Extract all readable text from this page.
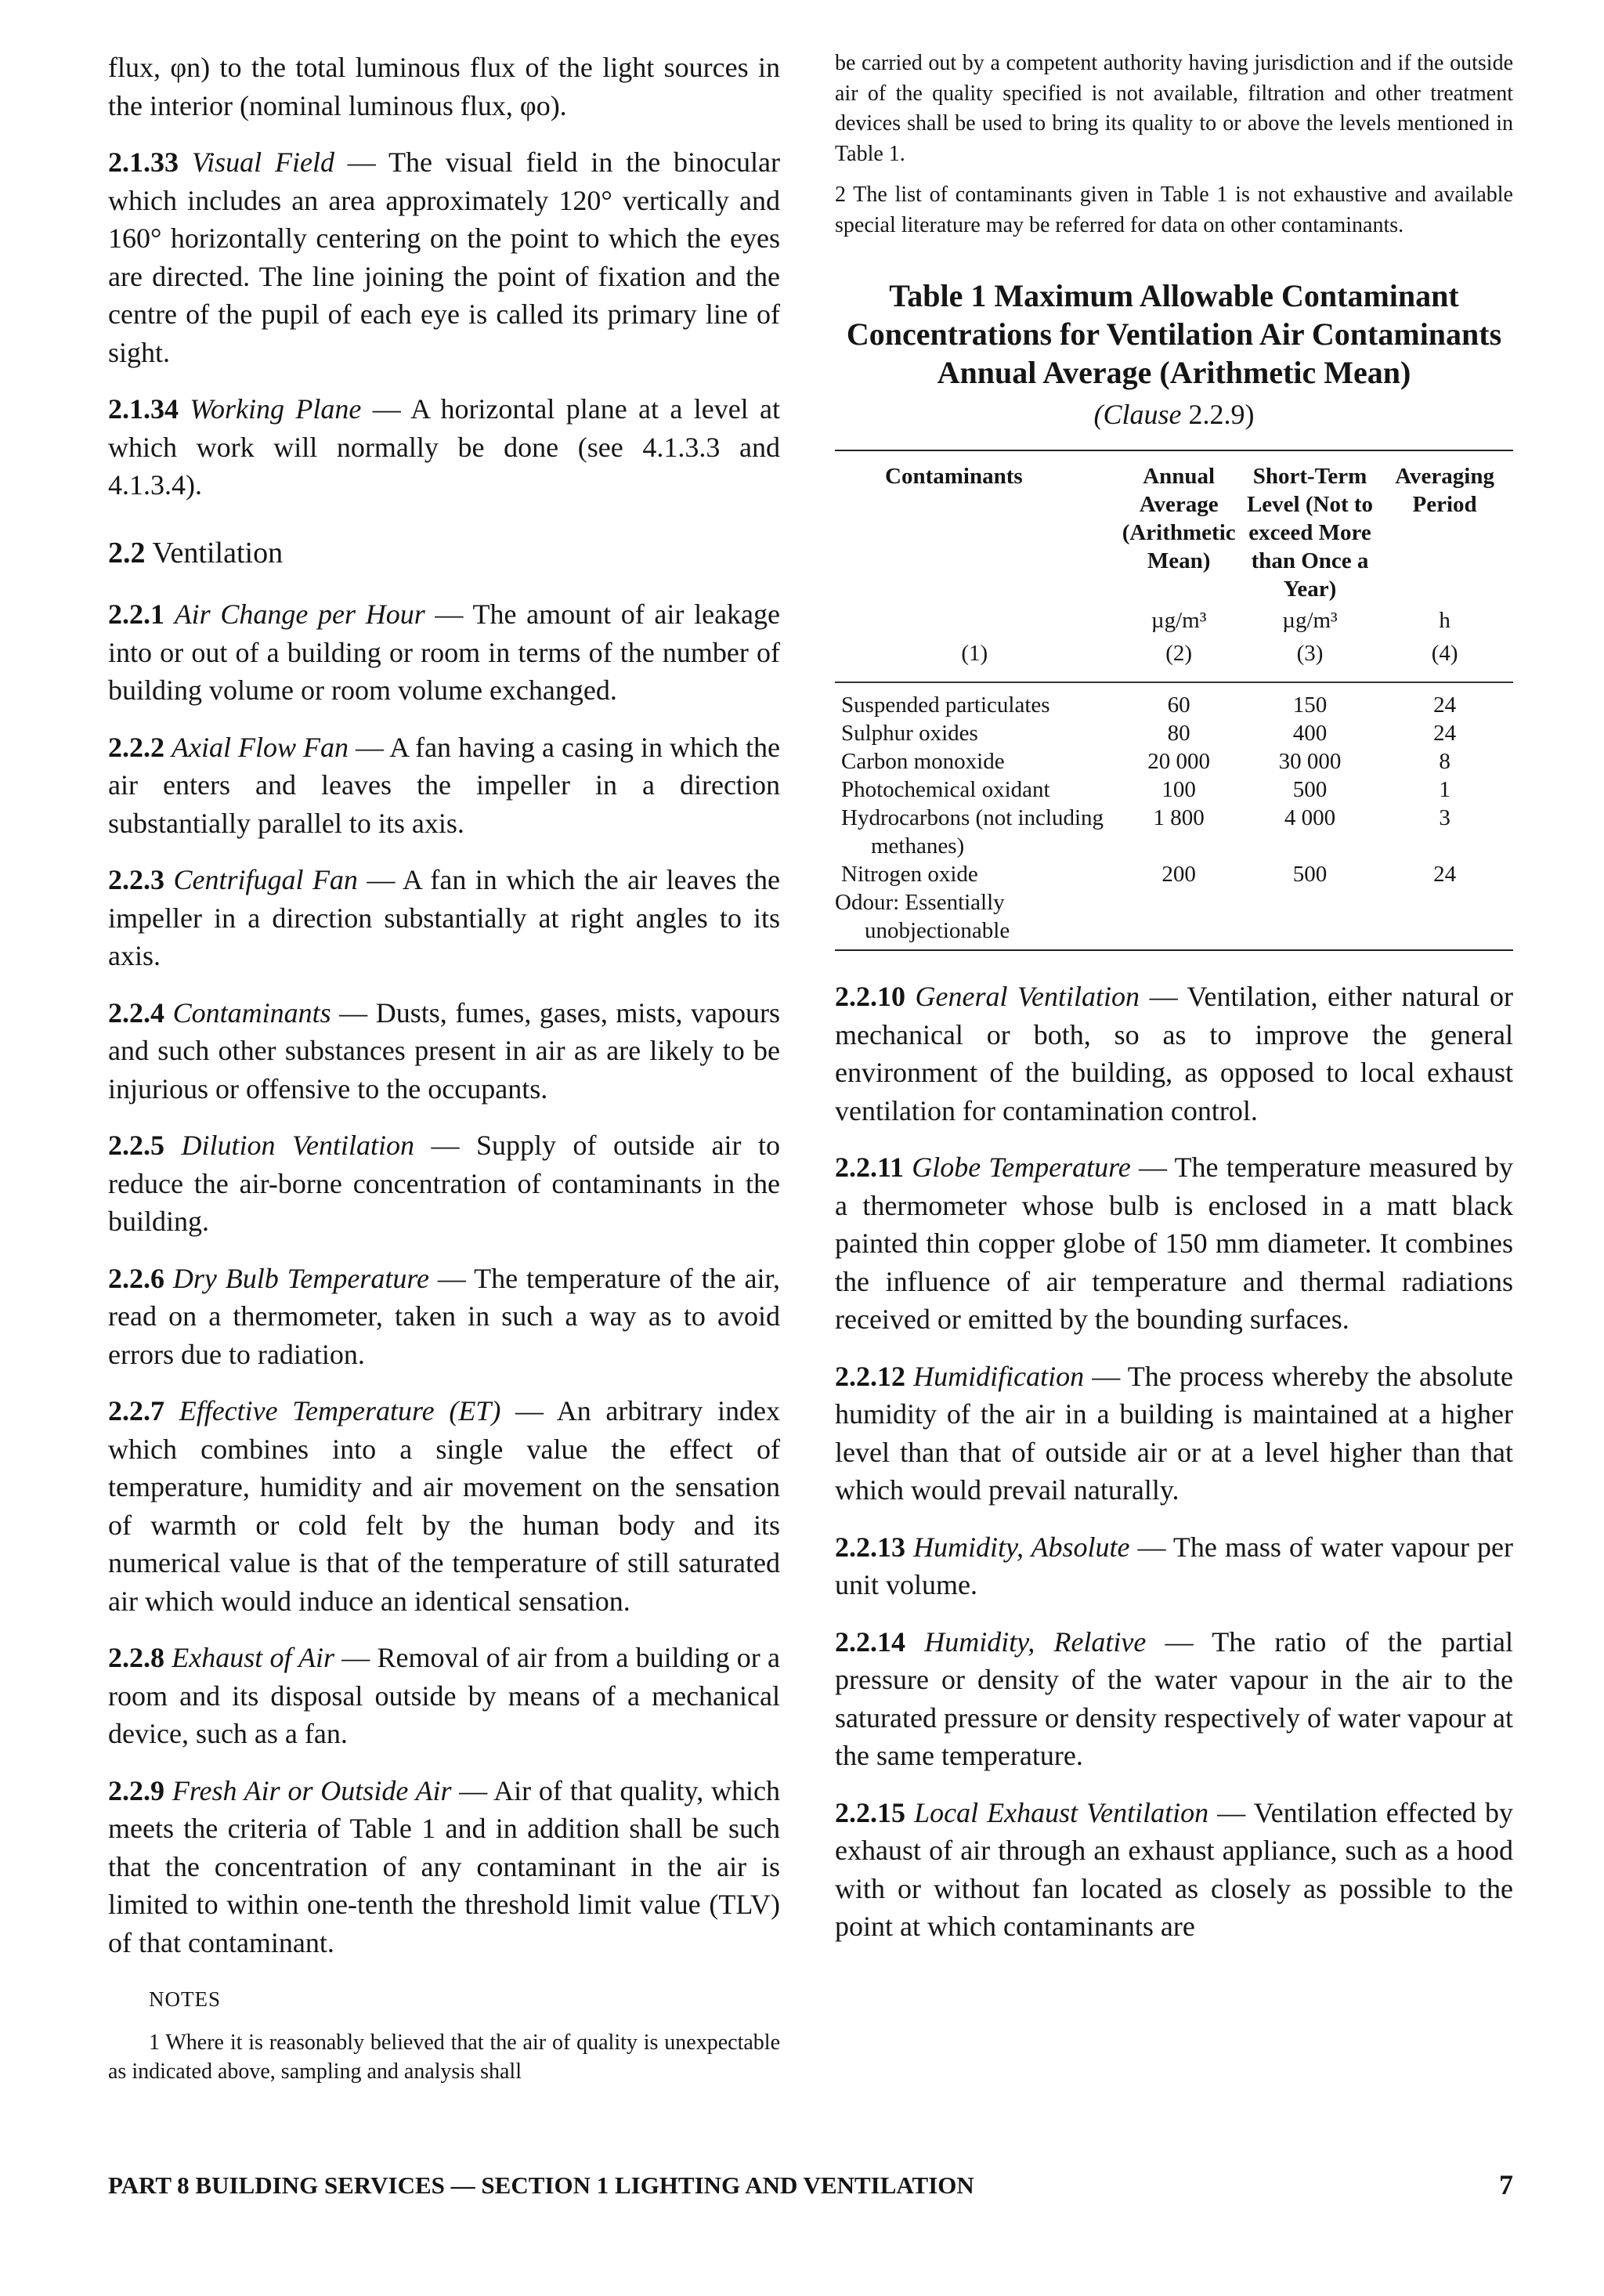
flux, φn) to the total luminous flux of the light sources in the interior (nominal luminous flux, φo).

2.1.33 Visual Field — The visual field in the binocular which includes an area approximately 120° vertically and 160° horizontally centering on the point to which the eyes are directed. The line joining the point of fixation and the centre of the pupil of each eye is called its primary line of sight.

2.1.34 Working Plane — A horizontal plane at a level at which work will normally be done (see 4.1.3.3 and 4.1.3.4).

2.2 Ventilation

2.2.1 Air Change per Hour — The amount of air leakage into or out of a building or room in terms of the number of building volume or room volume exchanged.

2.2.2 Axial Flow Fan — A fan having a casing in which the air enters and leaves the impeller in a direction substantially parallel to its axis.

2.2.3 Centrifugal Fan — A fan in which the air leaves the impeller in a direction substantially at right angles to its axis.

2.2.4 Contaminants — Dusts, fumes, gases, mists, vapours and such other substances present in air as are likely to be injurious or offensive to the occupants.

2.2.5 Dilution Ventilation — Supply of outside air to reduce the air-borne concentration of contaminants in the building.

2.2.6 Dry Bulb Temperature — The temperature of the air, read on a thermometer, taken in such a way as to avoid errors due to radiation.

2.2.7 Effective Temperature (ET) — An arbitrary index which combines into a single value the effect of temperature, humidity and air movement on the sensation of warmth or cold felt by the human body and its numerical value is that of the temperature of still saturated air which would induce an identical sensation.

2.2.8 Exhaust of Air — Removal of air from a building or a room and its disposal outside by means of a mechanical device, such as a fan.

2.2.9 Fresh Air or Outside Air — Air of that quality, which meets the criteria of Table 1 and in addition shall be such that the concentration of any contaminant in the air is limited to within one-tenth the threshold limit value (TLV) of that contaminant.

NOTES

1 Where it is reasonably believed that the air of quality is unexpectable as indicated above, sampling and analysis shall

be carried out by a competent authority having jurisdiction and if the outside air of the quality specified is not available, filtration and other treatment devices shall be used to bring its quality to or above the levels mentioned in Table 1.

2 The list of contaminants given in Table 1 is not exhaustive and available special literature may be referred for data on other contaminants.

Table 1 Maximum Allowable Contaminant Concentrations for Ventilation Air Contaminants Annual Average (Arithmetic Mean)
(Clause 2.2.9)
Contaminants	Annual Average (Arithmetic Mean)	Short-Term Level (Not to exceed More than Once a Year)	Averaging Period
	µg/m³	µg/m³	h
(1)	(2)	(3)	(4)

Suspended particulates	60	150	24
Sulphur oxides	80	400	24
Carbon monoxide	20 000	30 000	8
Photochemical oxidant	100	500	1

Hydrocarbons (not including methanes)	1 800	4 000	3
Nitrogen oxide	200	500	24

Odour: Essentially unobjectionable			

2.2.10 General Ventilation — Ventilation, either natural or mechanical or both, so as to improve the general environment of the building, as opposed to local exhaust ventilation for contamination control.

2.2.11 Globe Temperature — The temperature measured by a thermometer whose bulb is enclosed in a matt black painted thin copper globe of 150 mm diameter. It combines the influence of air temperature and thermal radiations received or emitted by the bounding surfaces.

2.2.12 Humidification — The process whereby the absolute humidity of the air in a building is maintained at a higher level than that of outside air or at a level higher than that which would prevail naturally.

2.2.13 Humidity, Absolute — The mass of water vapour per unit volume.

2.2.14 Humidity, Relative — The ratio of the partial pressure or density of the water vapour in the air to the saturated pressure or density respectively of water vapour at the same temperature.

2.2.15 Local Exhaust Ventilation — Ventilation effected by exhaust of air through an exhaust appliance, such as a hood with or without fan located as closely as possible to the point at which contaminants are

PART 8 BUILDING SERVICES — SECTION 1 LIGHTING AND VENTILATION	7
